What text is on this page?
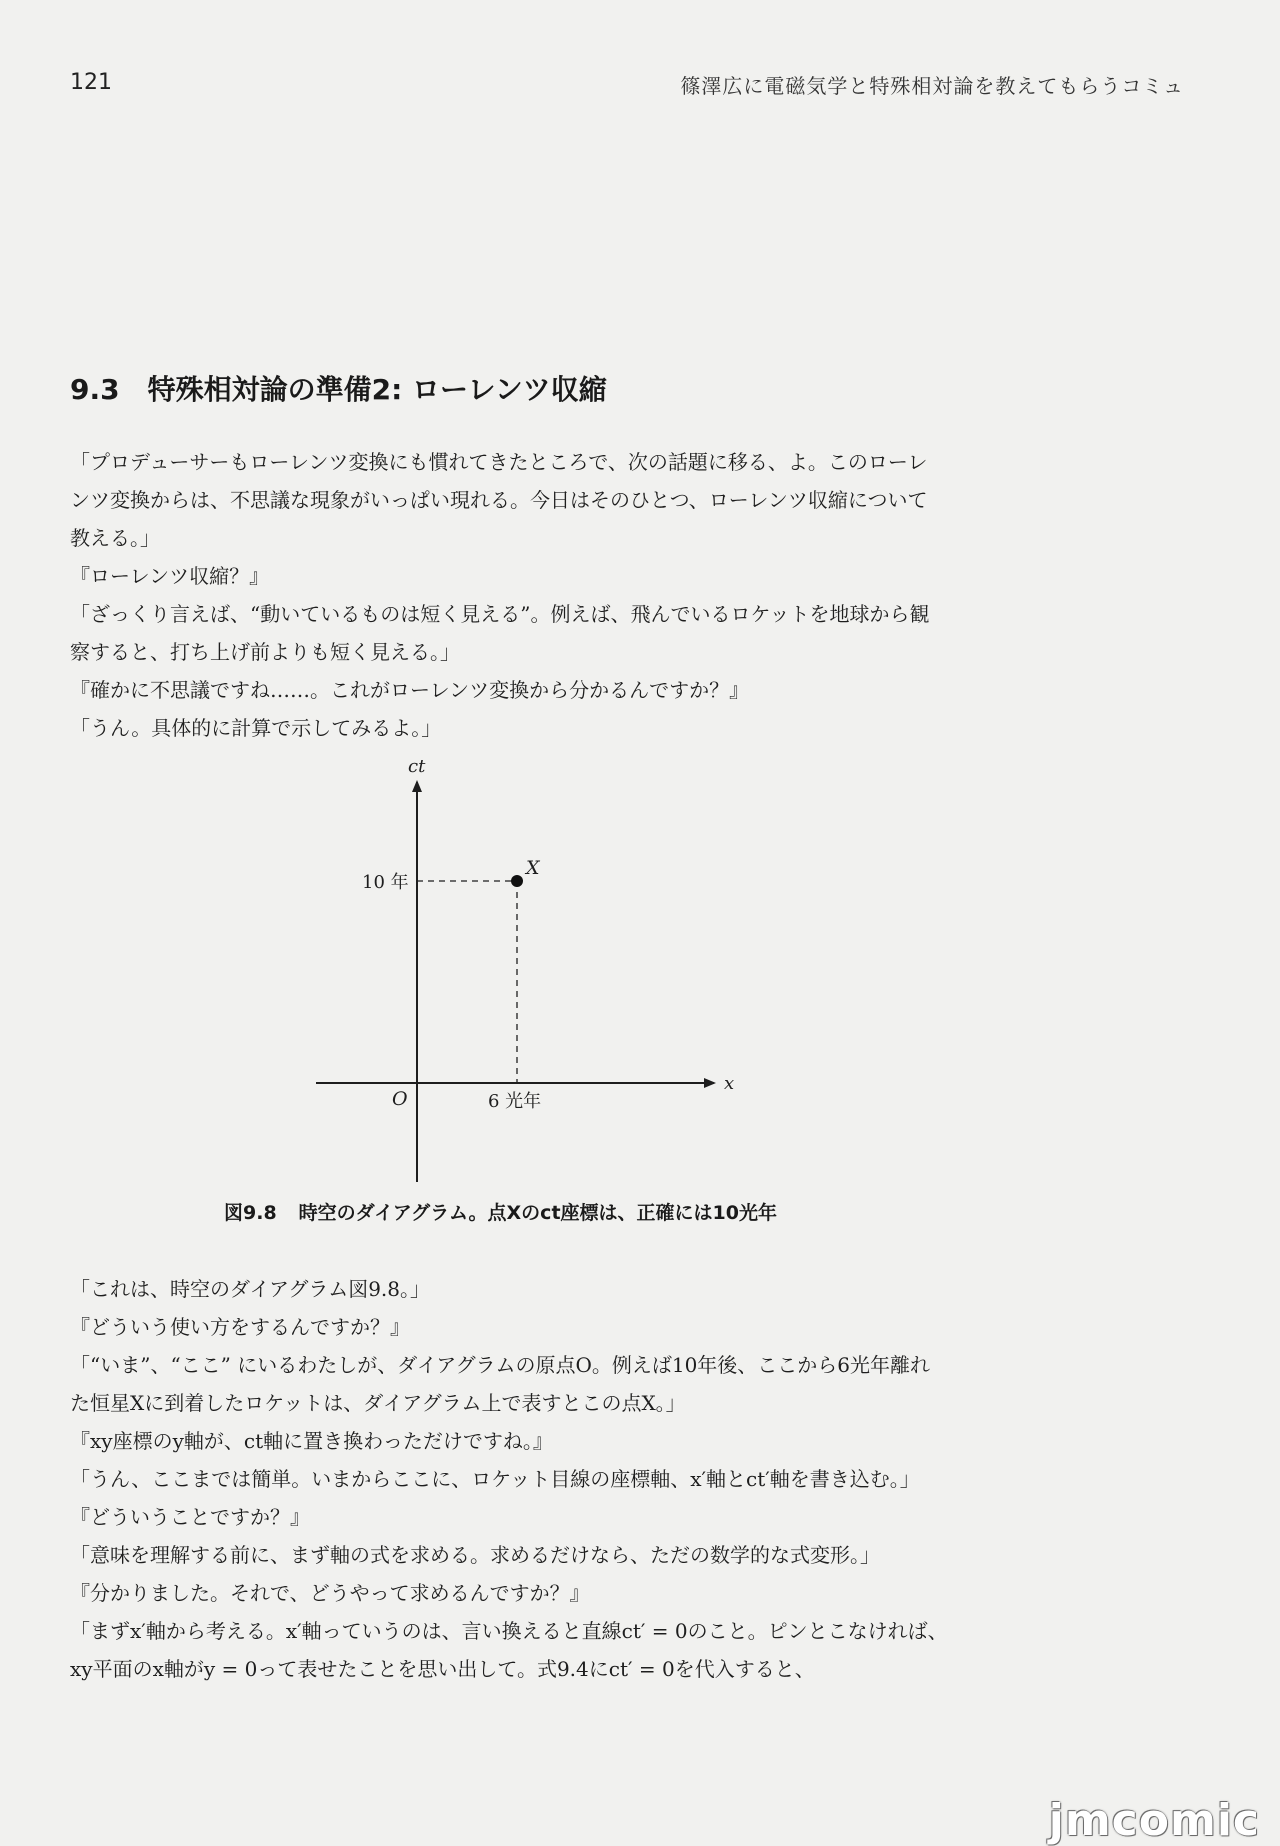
121	篠澤広に電磁気学と特殊相対論を教えてもらうコミュ
9.3 特殊相対論の準備2: ローレンツ収縮

「プロデューサーもローレンツ変換にも慣れてきたところで、次の話題に移る、よ。このローレ

ンツ変換からは、不思議な現象がいっぱい現れる。今日はそのひとつ、ローレンツ収縮について

教える。」

『ローレンツ収縮？』

「ざっくり言えば、“動いているものは短く見える”。例えば、飛んでいるロケットを地球から観

察すると、打ち上げ前よりも短く見える。」

『確かに不思議ですね……。これがローレンツ変換から分かるんですか？』

「うん。具体的に計算で示してみるよ。」

ct
x
O
X
10 年
6 光年
図9.8 時空のダイアグラム。点Xのct座標は、正確には10光年

「これは、時空のダイアグラム図9.8。」

『どういう使い方をするんですか？』

「“いま”、“ここ” にいるわたしが、ダイアグラムの原点O。例えば10年後、ここから6光年離れ

た恒星Xに到着したロケットは、ダイアグラム上で表すとこの点X。」

『xy座標のy軸が、ct軸に置き換わっただけですね。』

「うん、ここまでは簡単。いまからここに、ロケット目線の座標軸、x′軸とct′軸を書き込む。」

『どういうことですか？』

「意味を理解する前に、まず軸の式を求める。求めるだけなら、ただの数学的な式変形。」

『分かりました。それで、どうやって求めるんですか？』

「まずx′軸から考える。x′軸っていうのは、言い換えると直線ct′ = 0のこと。ピンとこなければ、

xy平面のx軸がy = 0って表せたことを思い出して。式9.4にct′ = 0を代入すると、

jmcomic
